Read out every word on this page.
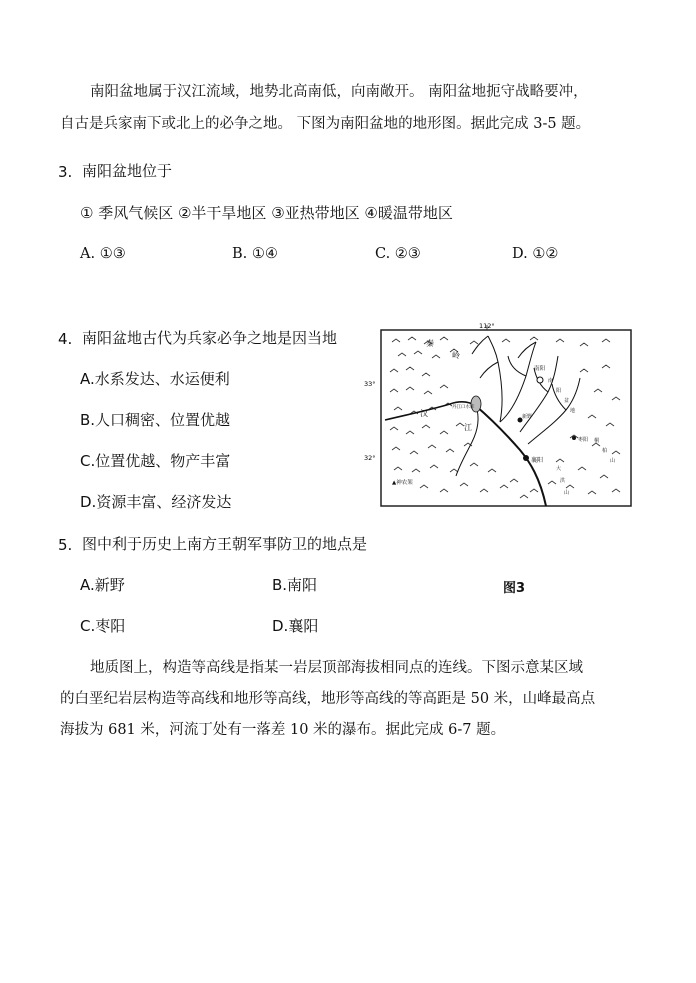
南阳盆地属于汉江流域，地势北高南低，向南敞开。 南阳盆地扼守战略要冲，
自古是兵家南下或北上的必争之地。 下图为南阳盆地的地形图。据此完成 3-5 题。
3. 南阳盆地位于
① 季风气候区 ②半干旱地区 ③亚热带地区 ④暖温带地区
A. ①③	B. ①④	C. ②③	D. ①②
4. 南阳盆地古代为兵家必争之地是因当地
A.水系发达、水运便利
B.人口稠密、位置优越
C.位置优越、物产丰富
D.资源丰富、经济发达
112°
33°
32°
秦
岭
汉
江
丹江口水库
南阳
新野
襄阳
枣阳
▲神农架
南
阳
盆
地
桐
柏
山
大
洪
山
5. 图中利于历史上南方王朝军事防卫的地点是
A.新野	B.南阳	图3
C.枣阳	D.襄阳
地质图上，构造等高线是指某一岩层顶部海拔相同点的连线。下图示意某区域
的白垩纪岩层构造等高线和地形等高线，地形等高线的等高距是 50 米，山峰最高点
海拔为 681 米，河流丁处有一落差 10 米的瀑布。据此完成 6-7 题。
